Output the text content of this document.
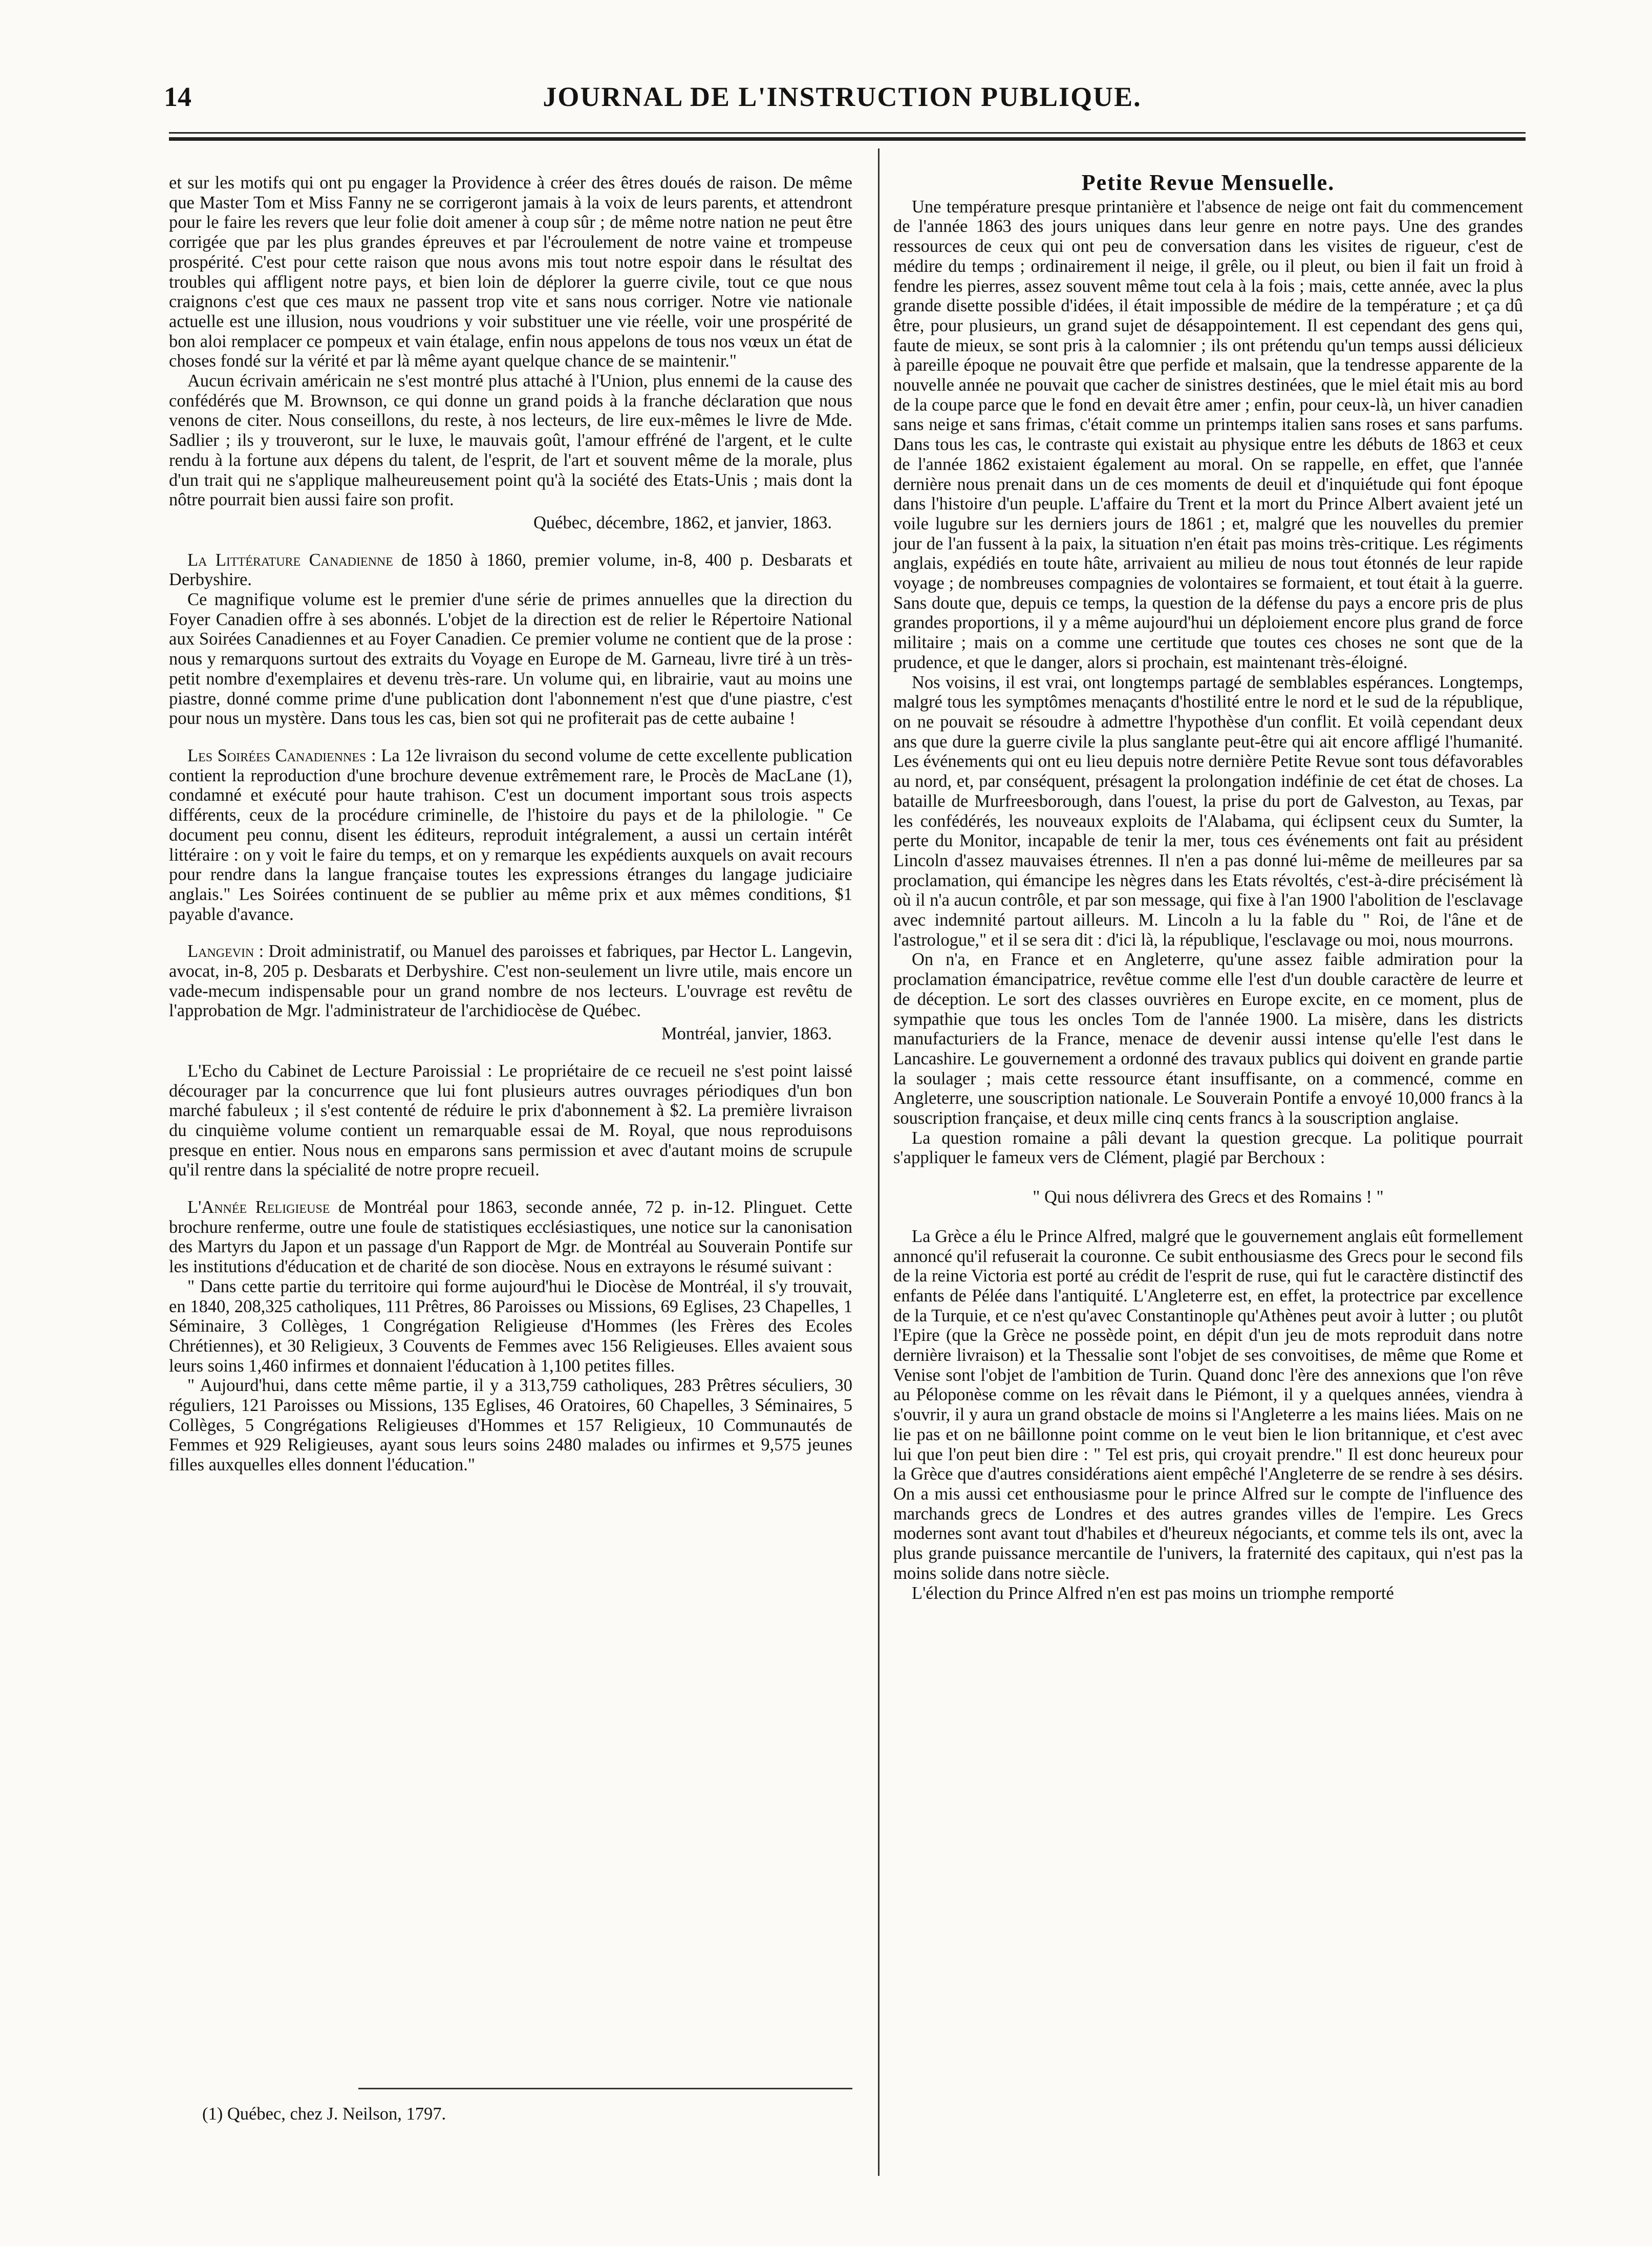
14	JOURNAL DE L'INSTRUCTION PUBLIQUE.

et sur les motifs qui ont pu engager la Providence à créer des êtres doués de raison. De même que Master Tom et Miss Fanny ne se corrigeront jamais à la voix de leurs parents, et attendront pour le faire les revers que leur folie doit amener à coup sûr ; de même notre nation ne peut être corrigée que par les plus grandes épreuves et par l'écroulement de notre vaine et trompeuse prospérité. C'est pour cette raison que nous avons mis tout notre espoir dans le résultat des troubles qui affligent notre pays, et bien loin de déplorer la guerre civile, tout ce que nous craignons c'est que ces maux ne passent trop vite et sans nous corriger. Notre vie nationale actuelle est une illusion, nous voudrions y voir substituer une vie réelle, voir une prospérité de bon aloi remplacer ce pompeux et vain étalage, enfin nous appelons de tous nos vœux un état de choses fondé sur la vérité et par là même ayant quelque chance de se maintenir."

Aucun écrivain américain ne s'est montré plus attaché à l'Union, plus ennemi de la cause des confédérés que M. Brownson, ce qui donne un grand poids à la franche déclaration que nous venons de citer. Nous conseillons, du reste, à nos lecteurs, de lire eux-mêmes le livre de Mde. Sadlier ; ils y trouveront, sur le luxe, le mauvais goût, l'amour effréné de l'argent, et le culte rendu à la fortune aux dépens du talent, de l'esprit, de l'art et souvent même de la morale, plus d'un trait qui ne s'applique malheureusement point qu'à la société des Etats-Unis ; mais dont la nôtre pourrait bien aussi faire son profit.

Québec, décembre, 1862, et janvier, 1863.

La Littérature Canadienne de 1850 à 1860, premier volume, in-8, 400 p. Desbarats et Derbyshire.

Ce magnifique volume est le premier d'une série de primes annuelles que la direction du Foyer Canadien offre à ses abonnés. L'objet de la direction est de relier le Répertoire National aux Soirées Canadiennes et au Foyer Canadien. Ce premier volume ne contient que de la prose : nous y remarquons surtout des extraits du Voyage en Europe de M. Garneau, livre tiré à un très-petit nombre d'exemplaires et devenu très-rare. Un volume qui, en librairie, vaut au moins une piastre, donné comme prime d'une publication dont l'abonnement n'est que d'une piastre, c'est pour nous un mystère. Dans tous les cas, bien sot qui ne profiterait pas de cette aubaine !

Les Soirées Canadiennes : La 12e livraison du second volume de cette excellente publication contient la reproduction d'une brochure devenue extrêmement rare, le Procès de MacLane (1), condamné et exécuté pour haute trahison. C'est un document important sous trois aspects différents, ceux de la procédure criminelle, de l'histoire du pays et de la philologie. " Ce document peu connu, disent les éditeurs, reproduit intégralement, a aussi un certain intérêt littéraire : on y voit le faire du temps, et on y remarque les expédients auxquels on avait recours pour rendre dans la langue française toutes les expressions étranges du langage judiciaire anglais." Les Soirées continuent de se publier au même prix et aux mêmes conditions, $1 payable d'avance.

Langevin : Droit administratif, ou Manuel des paroisses et fabriques, par Hector L. Langevin, avocat, in-8, 205 p. Desbarats et Derbyshire. C'est non-seulement un livre utile, mais encore un vade-mecum indispensable pour un grand nombre de nos lecteurs. L'ouvrage est revêtu de l'approbation de Mgr. l'administrateur de l'archidiocèse de Québec.

Montréal, janvier, 1863.

L'Echo du Cabinet de Lecture Paroissial : Le propriétaire de ce recueil ne s'est point laissé décourager par la concurrence que lui font plusieurs autres ouvrages périodiques d'un bon marché fabuleux ; il s'est contenté de réduire le prix d'abonnement à $2. La première livraison du cinquième volume contient un remarquable essai de M. Royal, que nous reproduisons presque en entier. Nous nous en emparons sans permission et avec d'autant moins de scrupule qu'il rentre dans la spécialité de notre propre recueil.

L'Année Religieuse de Montréal pour 1863, seconde année, 72 p. in-12. Plinguet. Cette brochure renferme, outre une foule de statistiques ecclésiastiques, une notice sur la canonisation des Martyrs du Japon et un passage d'un Rapport de Mgr. de Montréal au Souverain Pontife sur les institutions d'éducation et de charité de son diocèse. Nous en extrayons le résumé suivant :

" Dans cette partie du territoire qui forme aujourd'hui le Diocèse de Montréal, il s'y trouvait, en 1840, 208,325 catholiques, 111 Prêtres, 86 Paroisses ou Missions, 69 Eglises, 23 Chapelles, 1 Séminaire, 3 Collèges, 1 Congrégation Religieuse d'Hommes (les Frères des Ecoles Chrétiennes), et 30 Religieux, 3 Couvents de Femmes avec 156 Religieuses. Elles avaient sous leurs soins 1,460 infirmes et donnaient l'éducation à 1,100 petites filles.

" Aujourd'hui, dans cette même partie, il y a 313,759 catholiques, 283 Prêtres séculiers, 30 réguliers, 121 Paroisses ou Missions, 135 Eglises, 46 Oratoires, 60 Chapelles, 3 Séminaires, 5 Collèges, 5 Congrégations Religieuses d'Hommes et 157 Religieux, 10 Communautés de Femmes et 929 Religieuses, ayant sous leurs soins 2480 malades ou infirmes et 9,575 jeunes filles auxquelles elles donnent l'éducation."

Petite Revue Mensuelle.

Une température presque printanière et l'absence de neige ont fait du commencement de l'année 1863 des jours uniques dans leur genre en notre pays. Une des grandes ressources de ceux qui ont peu de conversation dans les visites de rigueur, c'est de médire du temps ; ordinairement il neige, il grêle, ou il pleut, ou bien il fait un froid à fendre les pierres, assez souvent même tout cela à la fois ; mais, cette année, avec la plus grande disette possible d'idées, il était impossible de médire de la température ; et ça dû être, pour plusieurs, un grand sujet de désappointement. Il est cependant des gens qui, faute de mieux, se sont pris à la calomnier ; ils ont prétendu qu'un temps aussi délicieux à pareille époque ne pouvait être que perfide et malsain, que la tendresse apparente de la nouvelle année ne pouvait que cacher de sinistres destinées, que le miel était mis au bord de la coupe parce que le fond en devait être amer ; enfin, pour ceux-là, un hiver canadien sans neige et sans frimas, c'était comme un printemps italien sans roses et sans parfums. Dans tous les cas, le contraste qui existait au physique entre les débuts de 1863 et ceux de l'année 1862 existaient également au moral. On se rappelle, en effet, que l'année dernière nous prenait dans un de ces moments de deuil et d'inquiétude qui font époque dans l'histoire d'un peuple. L'affaire du Trent et la mort du Prince Albert avaient jeté un voile lugubre sur les derniers jours de 1861 ; et, malgré que les nouvelles du premier jour de l'an fussent à la paix, la situation n'en était pas moins très-critique. Les régiments anglais, expédiés en toute hâte, arrivaient au milieu de nous tout étonnés de leur rapide voyage ; de nombreuses compagnies de volontaires se formaient, et tout était à la guerre. Sans doute que, depuis ce temps, la question de la défense du pays a encore pris de plus grandes proportions, il y a même aujourd'hui un déploiement encore plus grand de force militaire ; mais on a comme une certitude que toutes ces choses ne sont que de la prudence, et que le danger, alors si prochain, est maintenant très-éloigné.

Nos voisins, il est vrai, ont longtemps partagé de semblables espérances. Longtemps, malgré tous les symptômes menaçants d'hostilité entre le nord et le sud de la république, on ne pouvait se résoudre à admettre l'hypothèse d'un conflit. Et voilà cependant deux ans que dure la guerre civile la plus sanglante peut-être qui ait encore affligé l'humanité. Les événements qui ont eu lieu depuis notre dernière Petite Revue sont tous défavorables au nord, et, par conséquent, présagent la prolongation indéfinie de cet état de choses. La bataille de Murfreesborough, dans l'ouest, la prise du port de Galveston, au Texas, par les confédérés, les nouveaux exploits de l'Alabama, qui éclipsent ceux du Sumter, la perte du Monitor, incapable de tenir la mer, tous ces événements ont fait au président Lincoln d'assez mauvaises étrennes. Il n'en a pas donné lui-même de meilleures par sa proclamation, qui émancipe les nègres dans les Etats révoltés, c'est-à-dire précisément là où il n'a aucun contrôle, et par son message, qui fixe à l'an 1900 l'abolition de l'esclavage avec indemnité partout ailleurs. M. Lincoln a lu la fable du " Roi, de l'âne et de l'astrologue," et il se sera dit : d'ici là, la république, l'esclavage ou moi, nous mourrons.

On n'a, en France et en Angleterre, qu'une assez faible admiration pour la proclamation émancipatrice, revêtue comme elle l'est d'un double caractère de leurre et de déception. Le sort des classes ouvrières en Europe excite, en ce moment, plus de sympathie que tous les oncles Tom de l'année 1900. La misère, dans les districts manufacturiers de la France, menace de devenir aussi intense qu'elle l'est dans le Lancashire. Le gouvernement a ordonné des travaux publics qui doivent en grande partie la soulager ; mais cette ressource étant insuffisante, on a commencé, comme en Angleterre, une souscription nationale. Le Souverain Pontife a envoyé 10,000 francs à la souscription française, et deux mille cinq cents francs à la souscription anglaise.

La question romaine a pâli devant la question grecque. La politique pourrait s'appliquer le fameux vers de Clément, plagié par Berchoux :

" Qui nous délivrera des Grecs et des Romains ! "

La Grèce a élu le Prince Alfred, malgré que le gouvernement anglais eût formellement annoncé qu'il refuserait la couronne. Ce subit enthousiasme des Grecs pour le second fils de la reine Victoria est porté au crédit de l'esprit de ruse, qui fut le caractère distinctif des enfants de Pélée dans l'antiquité. L'Angleterre est, en effet, la protectrice par excellence de la Turquie, et ce n'est qu'avec Constantinople qu'Athènes peut avoir à lutter ; ou plutôt l'Epire (que la Grèce ne possède point, en dépit d'un jeu de mots reproduit dans notre dernière livraison) et la Thessalie sont l'objet de ses convoitises, de même que Rome et Venise sont l'objet de l'ambition de Turin. Quand donc l'ère des annexions que l'on rêve au Péloponèse comme on les rêvait dans le Piémont, il y a quelques années, viendra à s'ouvrir, il y aura un grand obstacle de moins si l'Angleterre a les mains liées. Mais on ne lie pas et on ne bâillonne point comme on le veut bien le lion britannique, et c'est avec lui que l'on peut bien dire : " Tel est pris, qui croyait prendre." Il est donc heureux pour la Grèce que d'autres considérations aient empêché l'Angleterre de se rendre à ses désirs. On a mis aussi cet enthousiasme pour le prince Alfred sur le compte de l'influence des marchands grecs de Londres et des autres grandes villes de l'empire. Les Grecs modernes sont avant tout d'habiles et d'heureux négociants, et comme tels ils ont, avec la plus grande puissance mercantile de l'univers, la fraternité des capitaux, qui n'est pas la moins solide dans notre siècle.

L'élection du Prince Alfred n'en est pas moins un triomphe remporté

(1) Québec, chez J. Neilson, 1797.
